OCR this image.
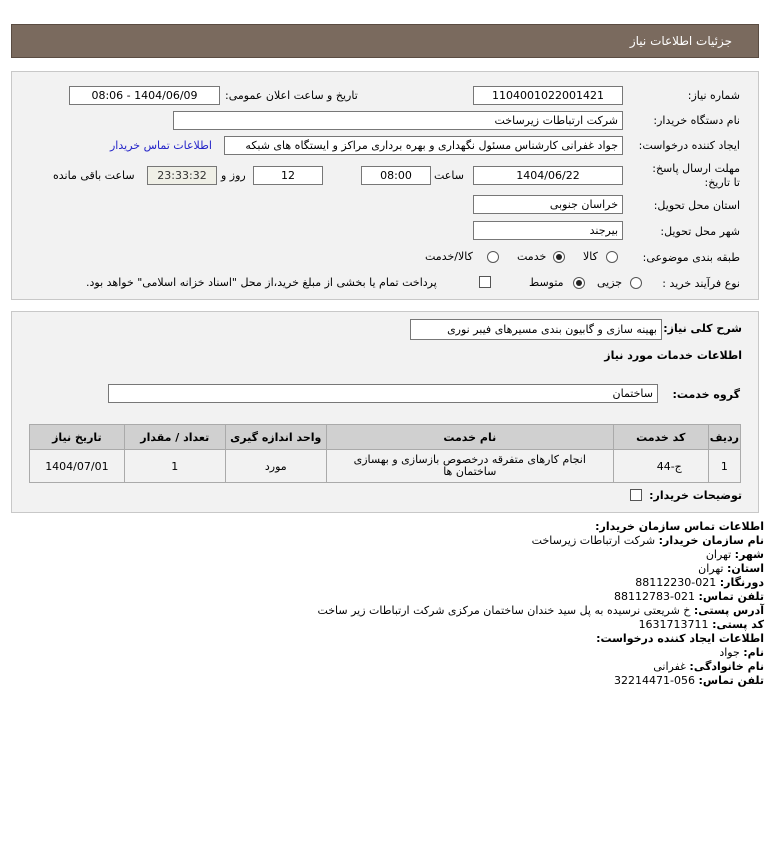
جزئیات اطلاعات نیاز
شماره نیاز:
1104001022001421
تاریخ و ساعت اعلان عمومی:
1404/06/09 - 08:06
نام دستگاه خریدار:
شرکت ارتباطات زیرساخت
ایجاد کننده درخواست:
جواد غفرانی کارشناس مسئول نگهداری و بهره برداری مراکز و ایستگاه های شبکه
اطلاعات تماس خریدار
مهلت ارسال پاسخ: تا تاریخ:
1404/06/22
ساعت
08:00
12
روز و
23:33:32
ساعت باقی مانده
استان محل تحویل:
خراسان جنوبی
شهر محل تحویل:
بیرجند
طبقه بندی موضوعی:
کالا
خدمت
کالا/خدمت
نوع فرآیند خرید :
جزیی
متوسط
پرداخت تمام یا بخشی از مبلغ خرید،از محل "اسناد خزانه اسلامی" خواهد بود.
شرح کلی نیاز:
بهینه سازی و گابیون بندی مسیرهای فیبر نوری
اطلاعات خدمات مورد نیاز
گروه خدمت:
ساختمان
ردیف	کد خدمت	نام خدمت	واحد اندازه گیری	تعداد / مقدار	تاریخ نیاز
1	ج-44	انجام کارهای متفرقه درخصوص بازسازی و بهسازی ساختمان ها	مورد	1	1404/07/01
توضیحات خریدار:
اطلاعات تماس سازمان خریدار:
نام سازمان خریدار: شرکت ارتباطات زیرساخت
شهر: تهران
استان: تهران
دورنگار: 021-88112230
تلفن تماس: 021-88112783
آدرس پستی: خ شریعتی نرسیده به پل سید خندان ساختمان مرکزی شرکت ارتباطات زیر ساخت
کد پستی: 1631713711
اطلاعات ایجاد کننده درخواست:
نام: جواد
نام خانوادگی: غفرانی
تلفن تماس: 056-32214471
